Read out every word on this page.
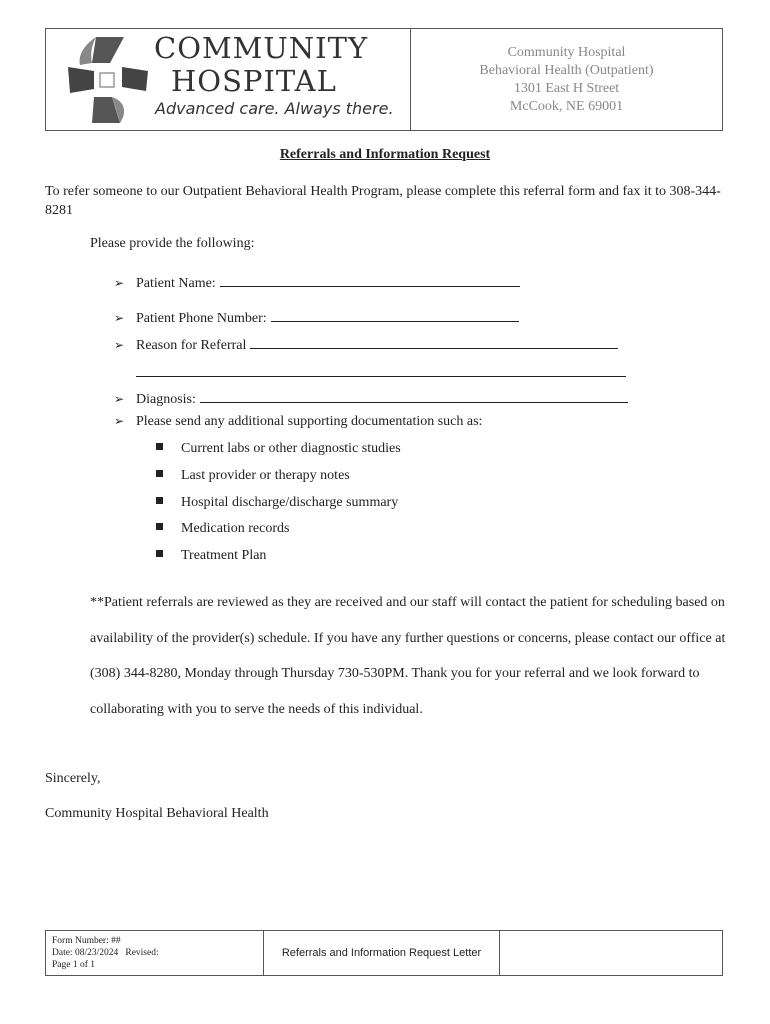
COMMUNITY
HOSPITAL
Advanced care. Always there.
Community Hospital
Behavioral Health (Outpatient)
1301 East H Street
McCook, NE 69001
Referrals and Information Request
To refer someone to our Outpatient Behavioral Health Program, please complete this referral form and fax it to 308-344-8281
Please provide the following:
➢ Patient Name:
➢ Patient Phone Number:
➢ Reason for Referral
➢ Diagnosis:
➢ Please send any additional supporting documentation such as:
Current labs or other diagnostic studies
Last provider or therapy notes
Hospital discharge/discharge summary
Medication records
Treatment Plan
**Patient referrals are reviewed as they are received and our staff will contact the patient for scheduling based on availability of the provider(s) schedule. If you have any further questions or concerns, please contact our office at (308) 344-8280, Monday through Thursday 730-530PM. Thank you for your referral and we look forward to collaborating with you to serve the needs of this individual.
Sincerely,
Community Hospital Behavioral Health
Form Number: ##
Date: 08/23/2024   Revised:
Page 1 of 1
Referrals and Information Request Letter
